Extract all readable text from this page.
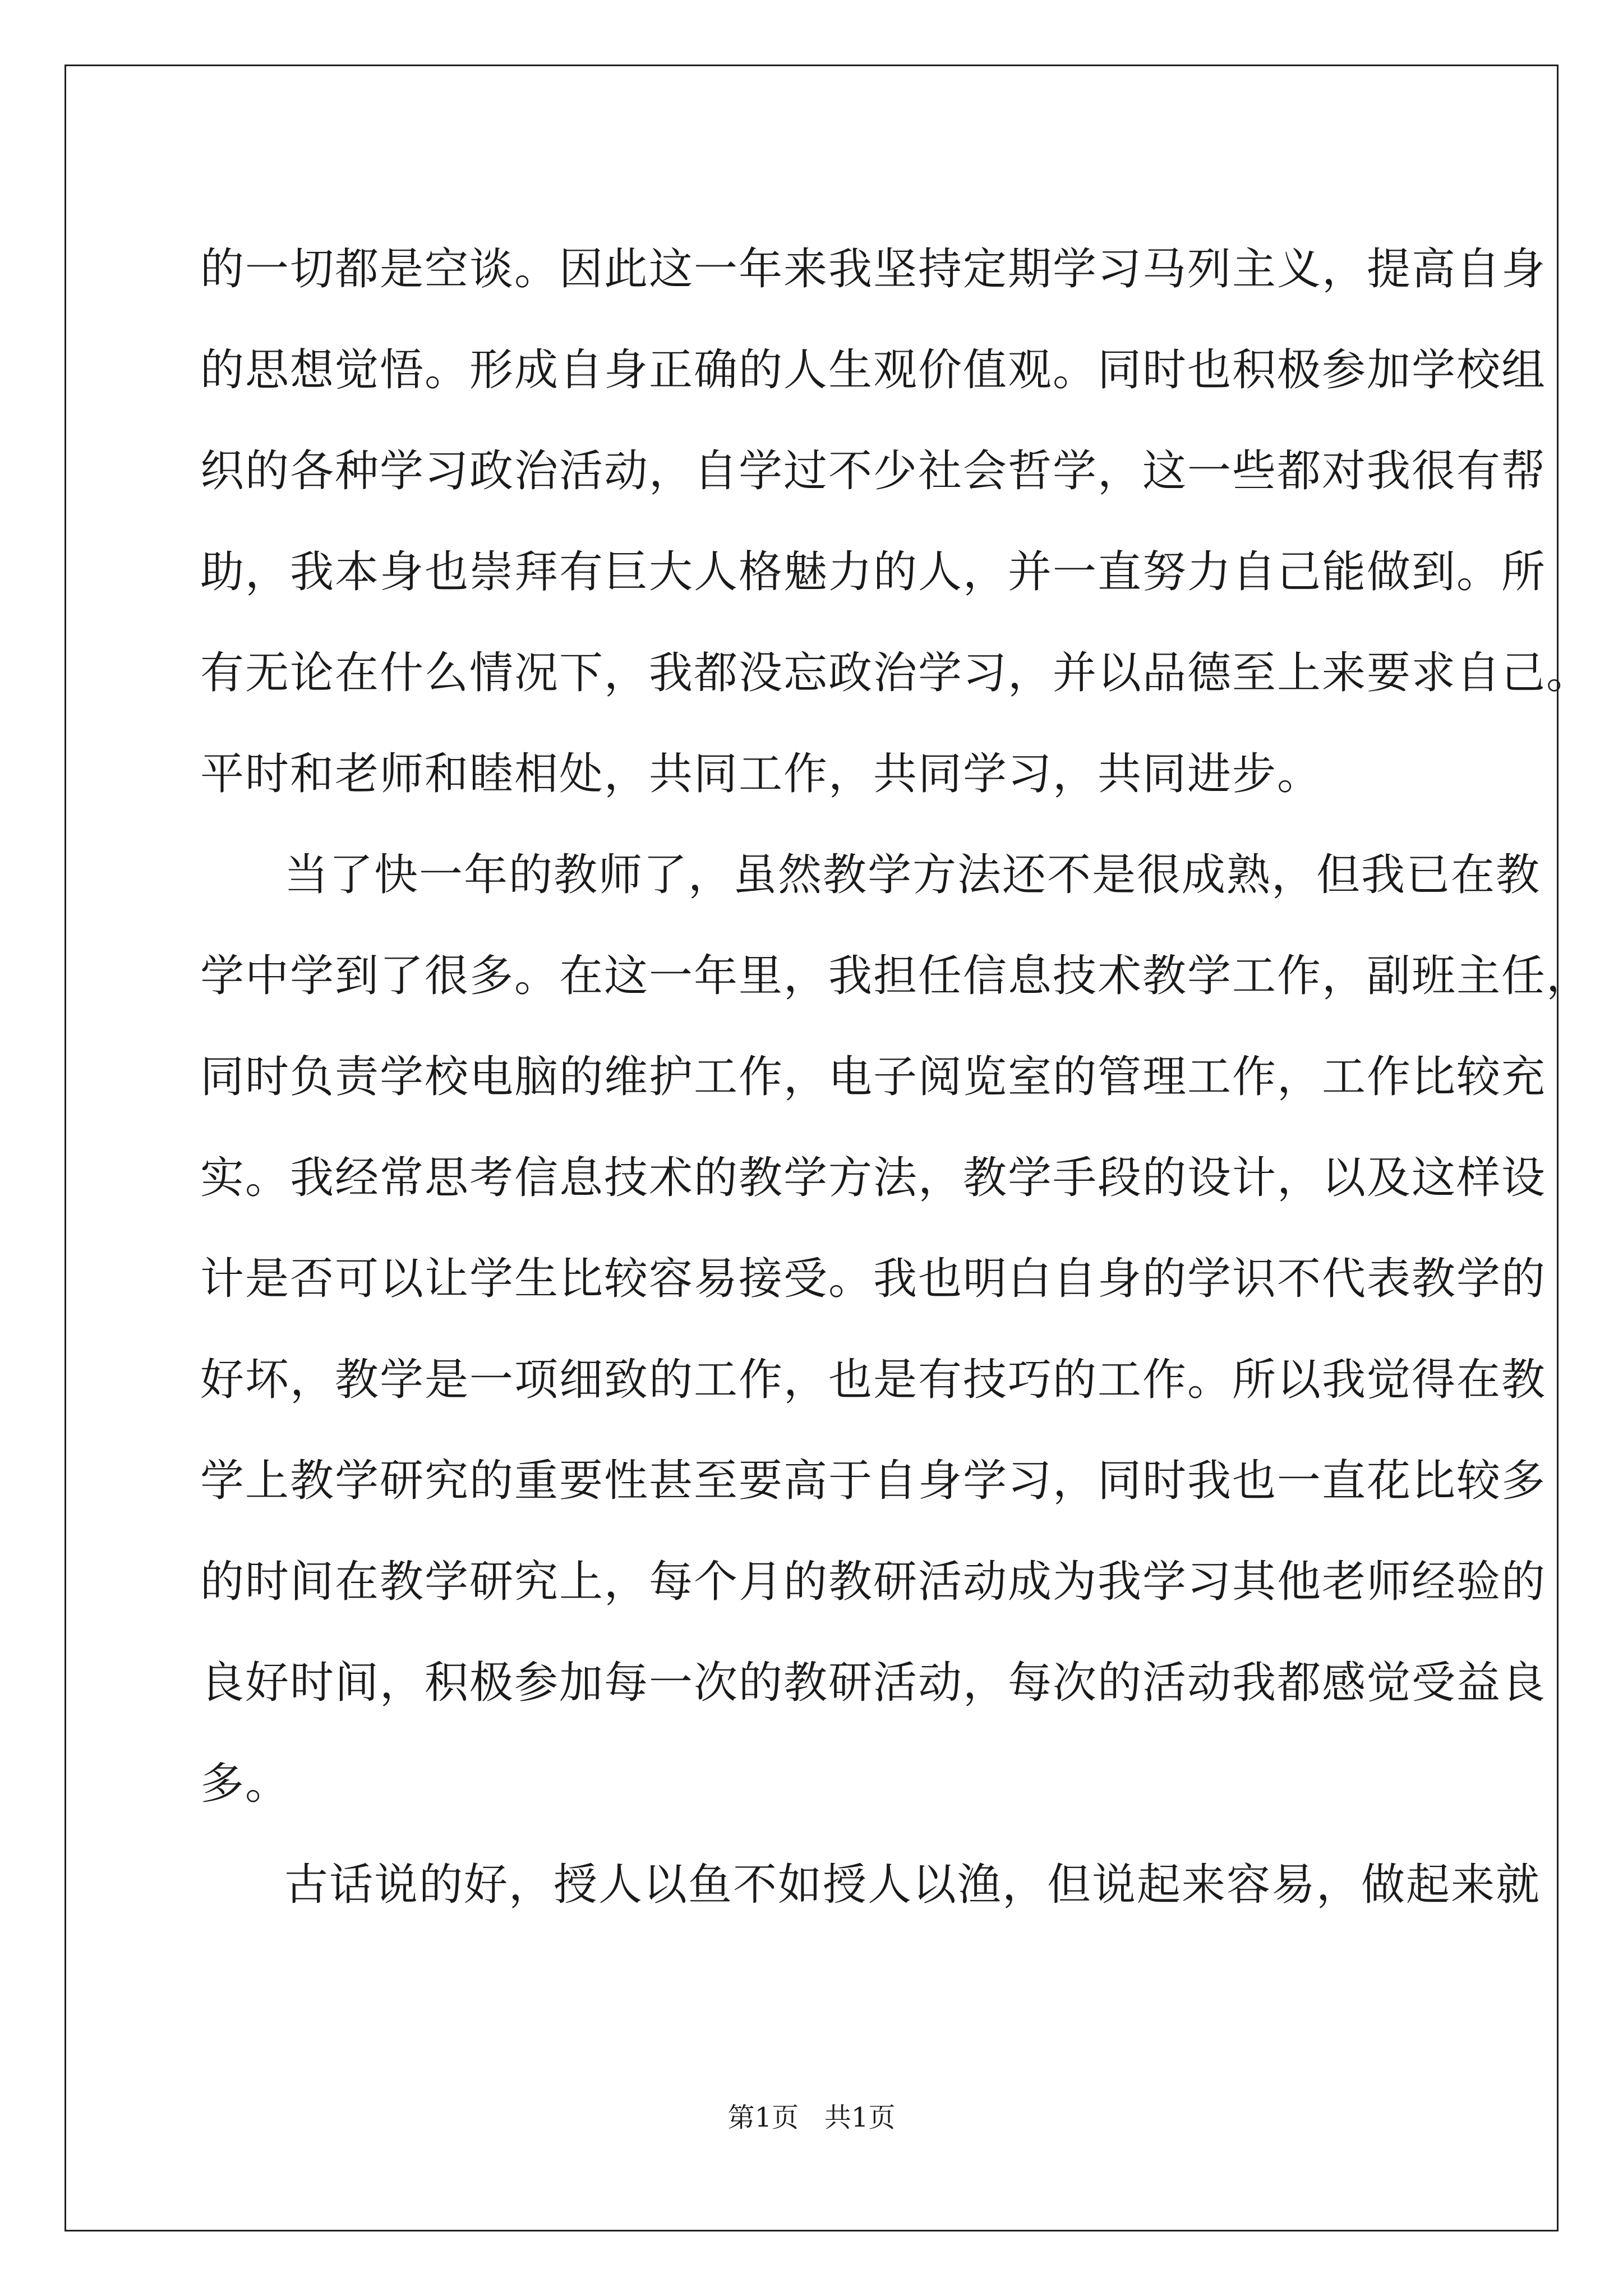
的一切都是空谈。因此这一年来我坚持定期学习马列主义，提高自身
的思想觉悟。形成自身正确的人生观价值观。同时也积极参加学校组
织的各种学习政治活动，自学过不少社会哲学，这一些都对我很有帮
助，我本身也崇拜有巨大人格魅力的人，并一直努力自己能做到。所
有无论在什么情况下，我都没忘政治学习，并以品德至上来要求自己。
平时和老师和睦相处，共同工作，共同学习，共同进步。
当了快一年的教师了，虽然教学方法还不是很成熟，但我已在教
学中学到了很多。在这一年里，我担任信息技术教学工作，副班主任，
同时负责学校电脑的维护工作，电子阅览室的管理工作，工作比较充
实。我经常思考信息技术的教学方法，教学手段的设计，以及这样设
计是否可以让学生比较容易接受。我也明白自身的学识不代表教学的
好坏，教学是一项细致的工作，也是有技巧的工作。所以我觉得在教
学上教学研究的重要性甚至要高于自身学习，同时我也一直花比较多
的时间在教学研究上，每个月的教研活动成为我学习其他老师经验的
良好时间，积极参加每一次的教研活动，每次的活动我都感觉受益良
多。
古话说的好，授人以鱼不如授人以渔，但说起来容易，做起来就
第1页   共1页
